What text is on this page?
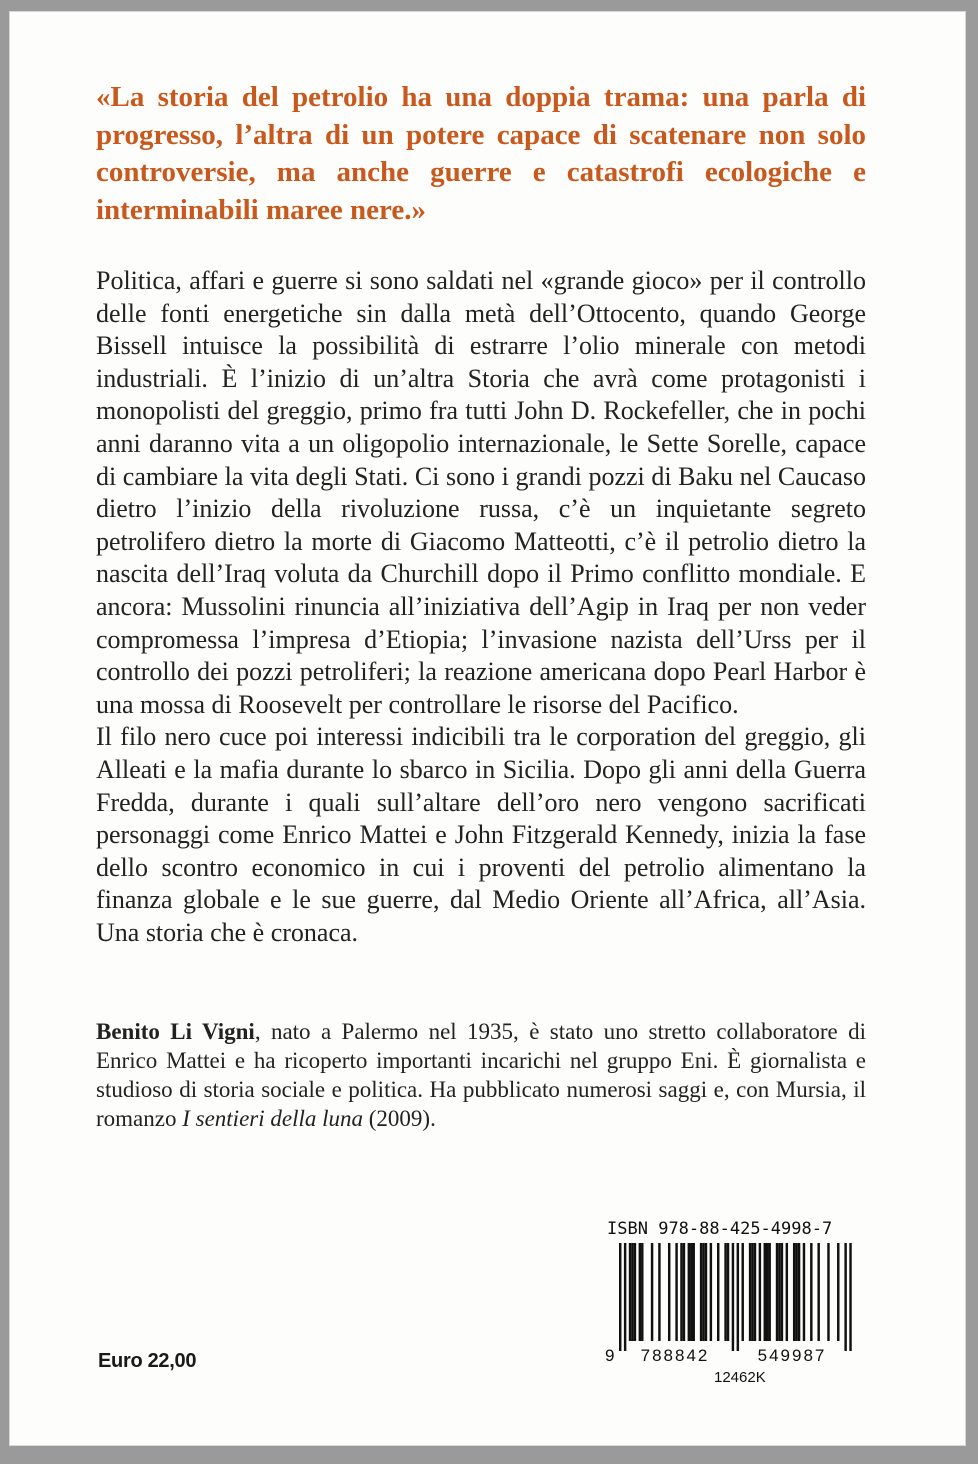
«La storia del petrolio ha una doppia trama: una parla di progresso, l’altra di un potere capace di scatenare non solo controversie, ma anche guerre e catastrofi ecologiche e interminabili maree nere.»

Politica, affari e guerre si sono saldati nel «grande gioco» per il controllo delle fonti energetiche sin dalla metà dell’Ottocento, quando George Bissell intuisce la possibilità di estrarre l’olio minerale con metodi industriali. È l’inizio di un’altra Storia che avrà come protagonisti i monopolisti del greggio, primo fra tutti John D. Rockefeller, che in pochi anni daranno vita a un oligopolio internazionale, le Sette Sorelle, capace di cambiare la vita degli Stati. Ci sono i grandi pozzi di Baku nel Caucaso dietro l’inizio della rivoluzione russa, c’è un inquietante segreto petrolifero dietro la morte di Giacomo Matteotti, c’è il petrolio dietro la nascita dell’Iraq voluta da Churchill dopo il Primo conflitto mondiale. E ancora: Mussolini rinuncia all’iniziativa dell’Agip in Iraq per non veder compromessa l’impresa d’Etiopia; l’invasione nazista dell’Urss per il controllo dei pozzi petroliferi; la reazione americana dopo Pearl Harbor è una mossa di Roosevelt per controllare le risorse del Pacifico.

Il filo nero cuce poi interessi indicibili tra le corporation del greggio, gli Alleati e la mafia durante lo sbarco in Sicilia. Dopo gli anni della Guerra Fredda, durante i quali sull’altare dell’oro nero vengono sacrificati personaggi come Enrico Mattei e John Fitzgerald Kennedy, inizia la fase dello scontro economico in cui i proventi del petrolio alimentano la finanza globale e le sue guerre, dal Medio Oriente all’Africa, all’Asia. Una storia che è cronaca.

Benito Li Vigni, nato a Palermo nel 1935, è stato uno stretto collaboratore di Enrico Mattei e ha ricoperto importanti incarichi nel gruppo Eni. È giornalista e studioso di storia sociale e politica. Ha pubblicato numerosi saggi e, con Mursia, il romanzo I sentieri della luna (2009).

Euro 22,00
ISBN 978-88-425-4998-7
9 788842	549987
12462K
